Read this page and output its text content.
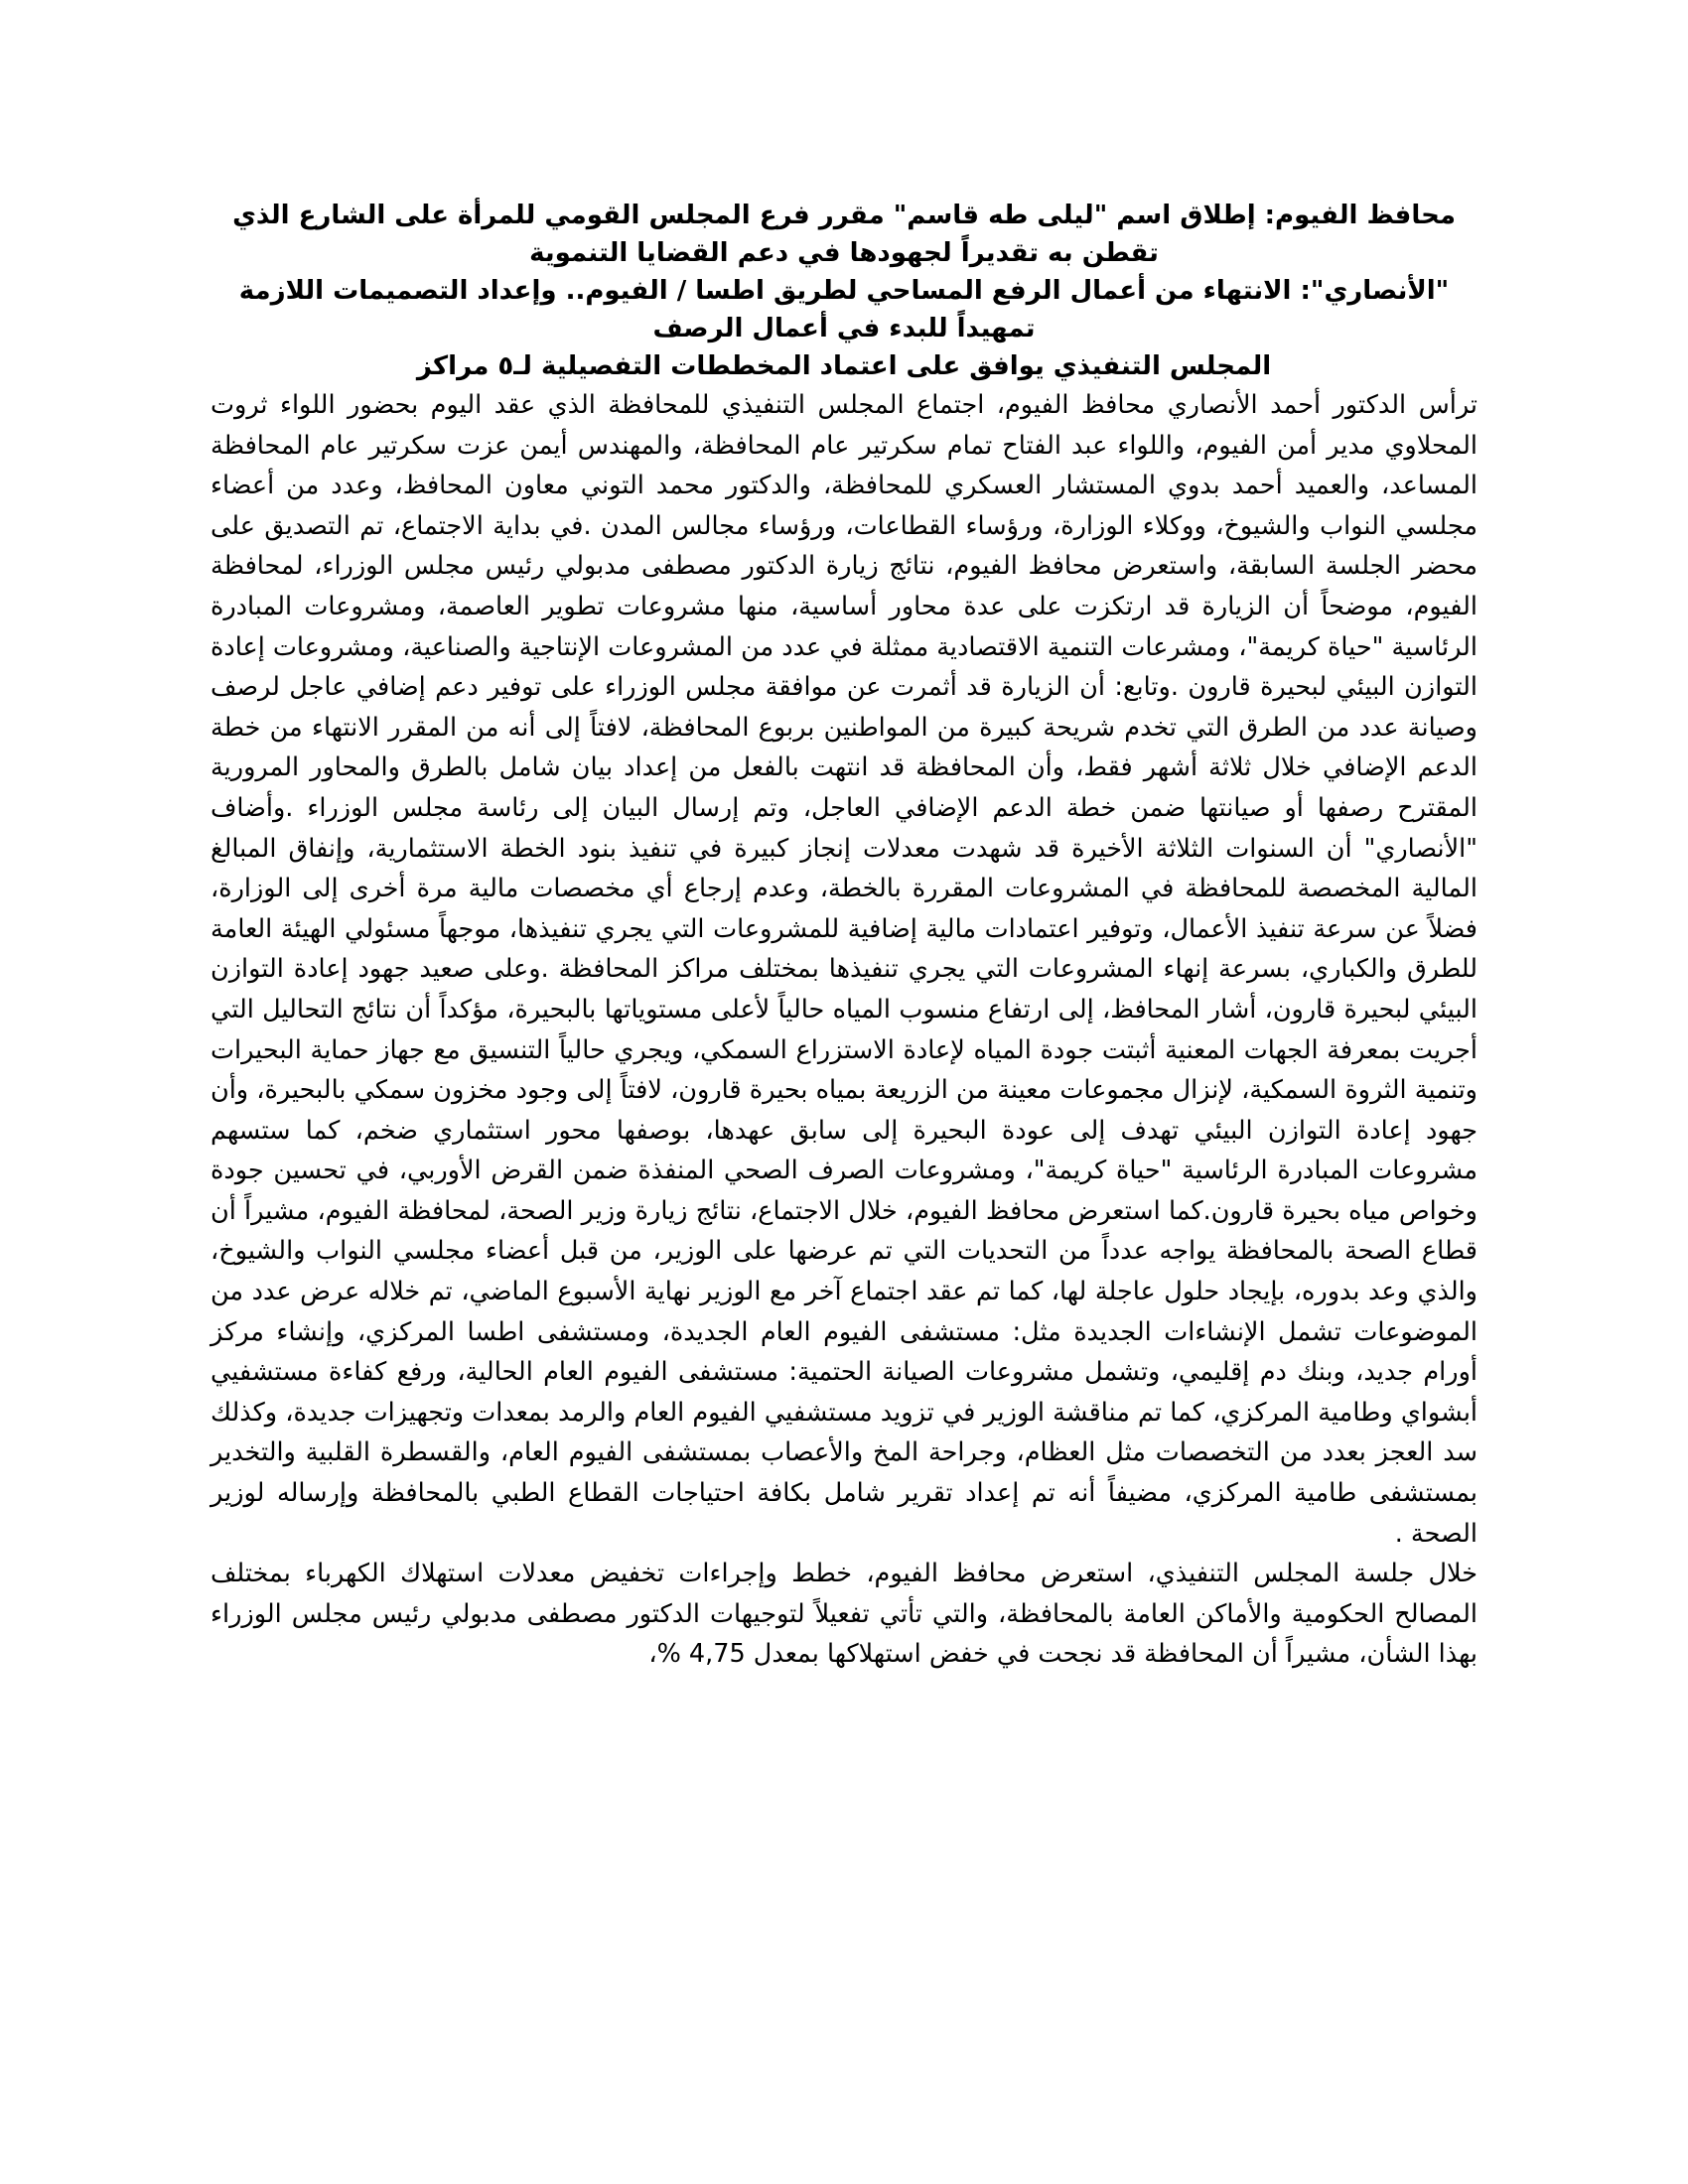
محافظ الفيوم: إطلاق اسم "ليلى طه قاسم" مقرر فرع المجلس القومي للمرأة على الشارع الذي تقطن به تقديراً لجهودها في دعم القضايا التنموية
"الأنصاري": الانتهاء من أعمال الرفع المساحي لطريق اطسا / الفيوم.. وإعداد التصميمات اللازمة تمهيداً للبدء في أعمال الرصف
المجلس التنفيذي يوافق على اعتماد المخططات التفصيلية لـ٥ مراكز

ترأس الدكتور أحمد الأنصاري محافظ الفيوم، اجتماع المجلس التنفيذي للمحافظة الذي عقد اليوم بحضور اللواء ثروت المحلاوي مدير أمن الفيوم، واللواء عبد الفتاح تمام سكرتير عام المحافظة، والمهندس أيمن عزت سكرتير عام المحافظة المساعد، والعميد أحمد بدوي المستشار العسكري للمحافظة، والدكتور محمد التوني معاون المحافظ، وعدد من أعضاء مجلسي النواب والشيوخ، ووكلاء الوزارة، ورؤساء القطاعات، ورؤساء مجالس المدن .في بداية الاجتماع، تم التصديق على محضر الجلسة السابقة، واستعرض محافظ الفيوم، نتائج زيارة الدكتور مصطفى مدبولي رئيس مجلس الوزراء، لمحافظة الفيوم، موضحاً أن الزيارة قد ارتكزت على عدة محاور أساسية، منها مشروعات تطوير العاصمة، ومشروعات المبادرة الرئاسية "حياة كريمة"، ومشرعات التنمية الاقتصادية ممثلة في عدد من المشروعات الإنتاجية والصناعية، ومشروعات إعادة التوازن البيئي لبحيرة قارون .وتابع: أن الزيارة قد أثمرت عن موافقة مجلس الوزراء على توفير دعم إضافي عاجل لرصف وصيانة عدد من الطرق التي تخدم شريحة كبيرة من المواطنين بربوع المحافظة، لافتاً إلى أنه من المقرر الانتهاء من خطة الدعم الإضافي خلال ثلاثة أشهر فقط، وأن المحافظة قد انتهت بالفعل من إعداد بيان شامل بالطرق والمحاور المرورية المقترح رصفها أو صيانتها ضمن خطة الدعم الإضافي العاجل، وتم إرسال البيان إلى رئاسة مجلس الوزراء .وأضاف "الأنصاري" أن السنوات الثلاثة الأخيرة قد شهدت معدلات إنجاز كبيرة في تنفيذ بنود الخطة الاستثمارية، وإنفاق المبالغ المالية المخصصة للمحافظة في المشروعات المقررة بالخطة، وعدم إرجاع أي مخصصات مالية مرة أخرى إلى الوزارة، فضلاً عن سرعة تنفيذ الأعمال، وتوفير اعتمادات مالية إضافية للمشروعات التي يجري تنفيذها، موجهاً مسئولي الهيئة العامة للطرق والكباري، بسرعة إنهاء المشروعات التي يجري تنفيذها بمختلف مراكز المحافظة .وعلى صعيد جهود إعادة التوازن البيئي لبحيرة قارون، أشار المحافظ، إلى ارتفاع منسوب المياه حالياً لأعلى مستوياتها بالبحيرة، مؤكداً أن نتائج التحاليل التي أجريت بمعرفة الجهات المعنية أثبتت جودة المياه لإعادة الاستزراع السمكي، ويجري حالياً التنسيق مع جهاز حماية البحيرات وتنمية الثروة السمكية، لإنزال مجموعات معينة من الزريعة بمياه بحيرة قارون، لافتاً إلى وجود مخزون سمكي بالبحيرة، وأن جهود إعادة التوازن البيئي تهدف إلى عودة البحيرة إلى سابق عهدها، بوصفها محور استثماري ضخم، كما ستسهم مشروعات المبادرة الرئاسية "حياة كريمة"، ومشروعات الصرف الصحي المنفذة ضمن القرض الأوربي، في تحسين جودة وخواص مياه بحيرة قارون.كما استعرض محافظ الفيوم، خلال الاجتماع، نتائج زيارة وزير الصحة، لمحافظة الفيوم، مشيراً أن قطاع الصحة بالمحافظة يواجه عدداً من التحديات التي تم عرضها على الوزير، من قبل أعضاء مجلسي النواب والشيوخ، والذي وعد بدوره، بإيجاد حلول عاجلة لها، كما تم عقد اجتماع آخر مع الوزير نهاية الأسبوع الماضي، تم خلاله عرض عدد من الموضوعات تشمل الإنشاءات الجديدة مثل: مستشفى الفيوم العام الجديدة، ومستشفى اطسا المركزي، وإنشاء مركز أورام جديد، وبنك دم إقليمي، وتشمل مشروعات الصيانة الحتمية: مستشفى الفيوم العام الحالية، ورفع كفاءة مستشفيي أبشواي وطامية المركزي، كما تم مناقشة الوزير في تزويد مستشفيي الفيوم العام والرمد بمعدات وتجهيزات جديدة، وكذلك سد العجز بعدد من التخصصات مثل العظام، وجراحة المخ والأعصاب بمستشفى الفيوم العام، والقسطرة القلبية والتخدير بمستشفى طامية المركزي، مضيفاً أنه تم إعداد تقرير شامل بكافة احتياجات القطاع الطبي بالمحافظة وإرساله لوزير الصحة .

خلال جلسة المجلس التنفيذي، استعرض محافظ الفيوم، خطط وإجراءات تخفيض معدلات استهلاك الكهرباء بمختلف المصالح الحكومية والأماكن العامة بالمحافظة، والتي تأتي تفعيلاً لتوجيهات الدكتور مصطفى مدبولي رئيس مجلس الوزراء بهذا الشأن، مشيراً أن المحافظة قد نجحت في خفض استهلاكها بمعدل 4,75 %،
